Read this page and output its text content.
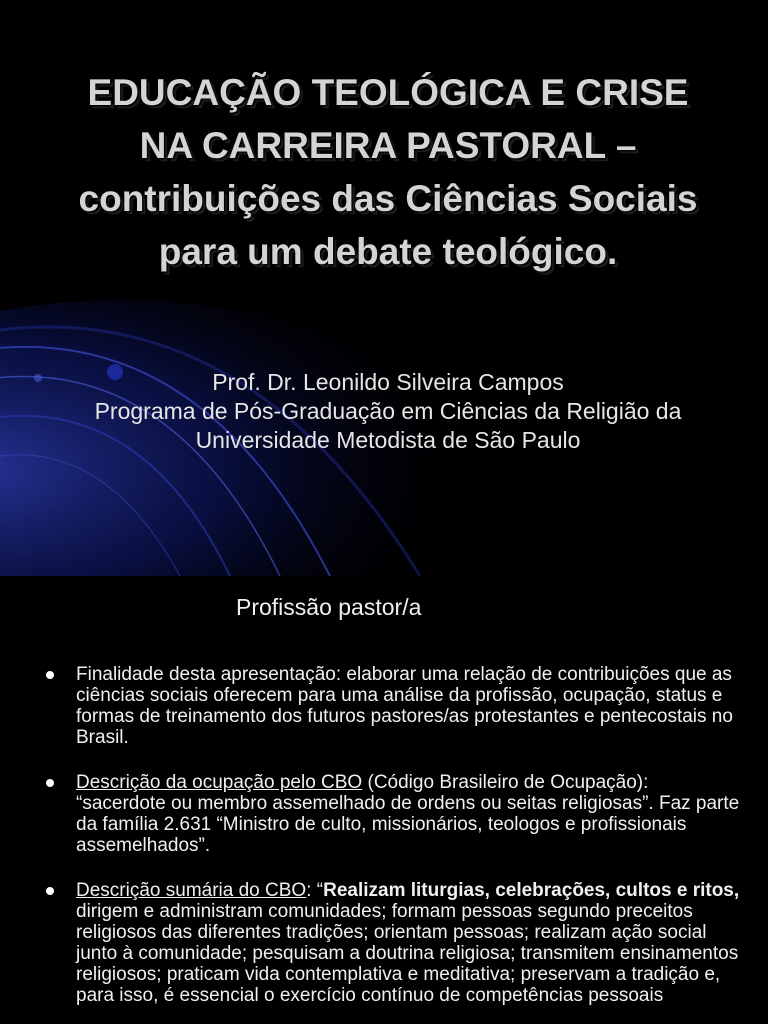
EDUCAÇÃO TEOLÓGICA E CRISE NA CARREIRA PASTORAL – contribuições das Ciências Sociais para um debate teológico.
Prof. Dr. Leonildo Silveira Campos
Programa de Pós-Graduação em Ciências da Religião da Universidade Metodista de São Paulo
Profissão pastor/a
Finalidade desta apresentação: elaborar uma relação de contribuições que as ciências sociais oferecem para uma análise da profissão, ocupação, status e formas de treinamento dos futuros pastores/as protestantes e pentecostais no Brasil.
Descrição da ocupação pelo CBO (Código Brasileiro de Ocupação): “sacerdote ou membro assemelhado de ordens ou seitas religiosas”. Faz parte da família 2.631 “Ministro de culto, missionários, teologos e profissionais assemelhados”.
Descrição sumária do CBO: “Realizam liturgias, celebrações, cultos e ritos, dirigem e administram comunidades; formam pessoas segundo preceitos religiosos das diferentes tradições; orientam pessoas; realizam ação social junto à comunidade; pesquisam a doutrina religiosa; transmitem ensinamentos religiosos; praticam vida contemplativa e meditativa; preservam a tradição e, para isso, é essencial o exercício contínuo de competências pessoais
